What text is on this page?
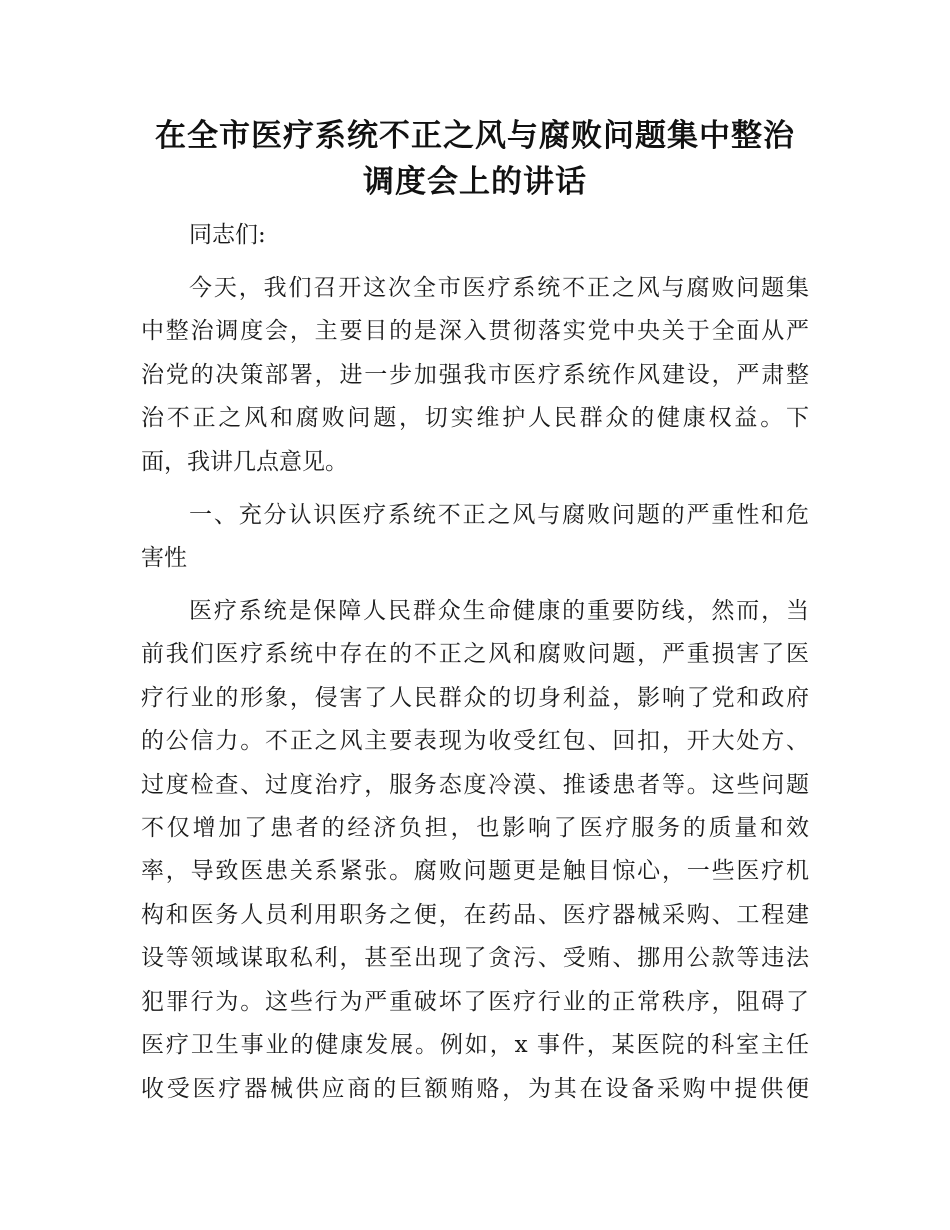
在全市医疗系统不正之风与腐败问题集中整治
调度会上的讲话
同志们:
今天，我们召开这次全市医疗系统不正之风与腐败问题集
中整治调度会，主要目的是深入贯彻落实党中央关于全面从严
治党的决策部署，进一步加强我市医疗系统作风建设，严肃整
治不正之风和腐败问题，切实维护人民群众的健康权益。下
面，我讲几点意见。
一、充分认识医疗系统不正之风与腐败问题的严重性和危
害性
医疗系统是保障人民群众生命健康的重要防线，然而，当
前我们医疗系统中存在的不正之风和腐败问题，严重损害了医
疗行业的形象，侵害了人民群众的切身利益，影响了党和政府
的公信力。不正之风主要表现为收受红包、回扣，开大处方、
过度检查、过度治疗，服务态度冷漠、推诿患者等。这些问题
不仅增加了患者的经济负担，也影响了医疗服务的质量和效
率，导致医患关系紧张。腐败问题更是触目惊心，一些医疗机
构和医务人员利用职务之便，在药品、医疗器械采购、工程建
设等领域谋取私利，甚至出现了贪污、受贿、挪用公款等违法
犯罪行为。这些行为严重破坏了医疗行业的正常秩序，阻碍了
医疗卫生事业的健康发展。例如，x 事件，某医院的科室主任
收受医疗器械供应商的巨额贿赂，为其在设备采购中提供便
